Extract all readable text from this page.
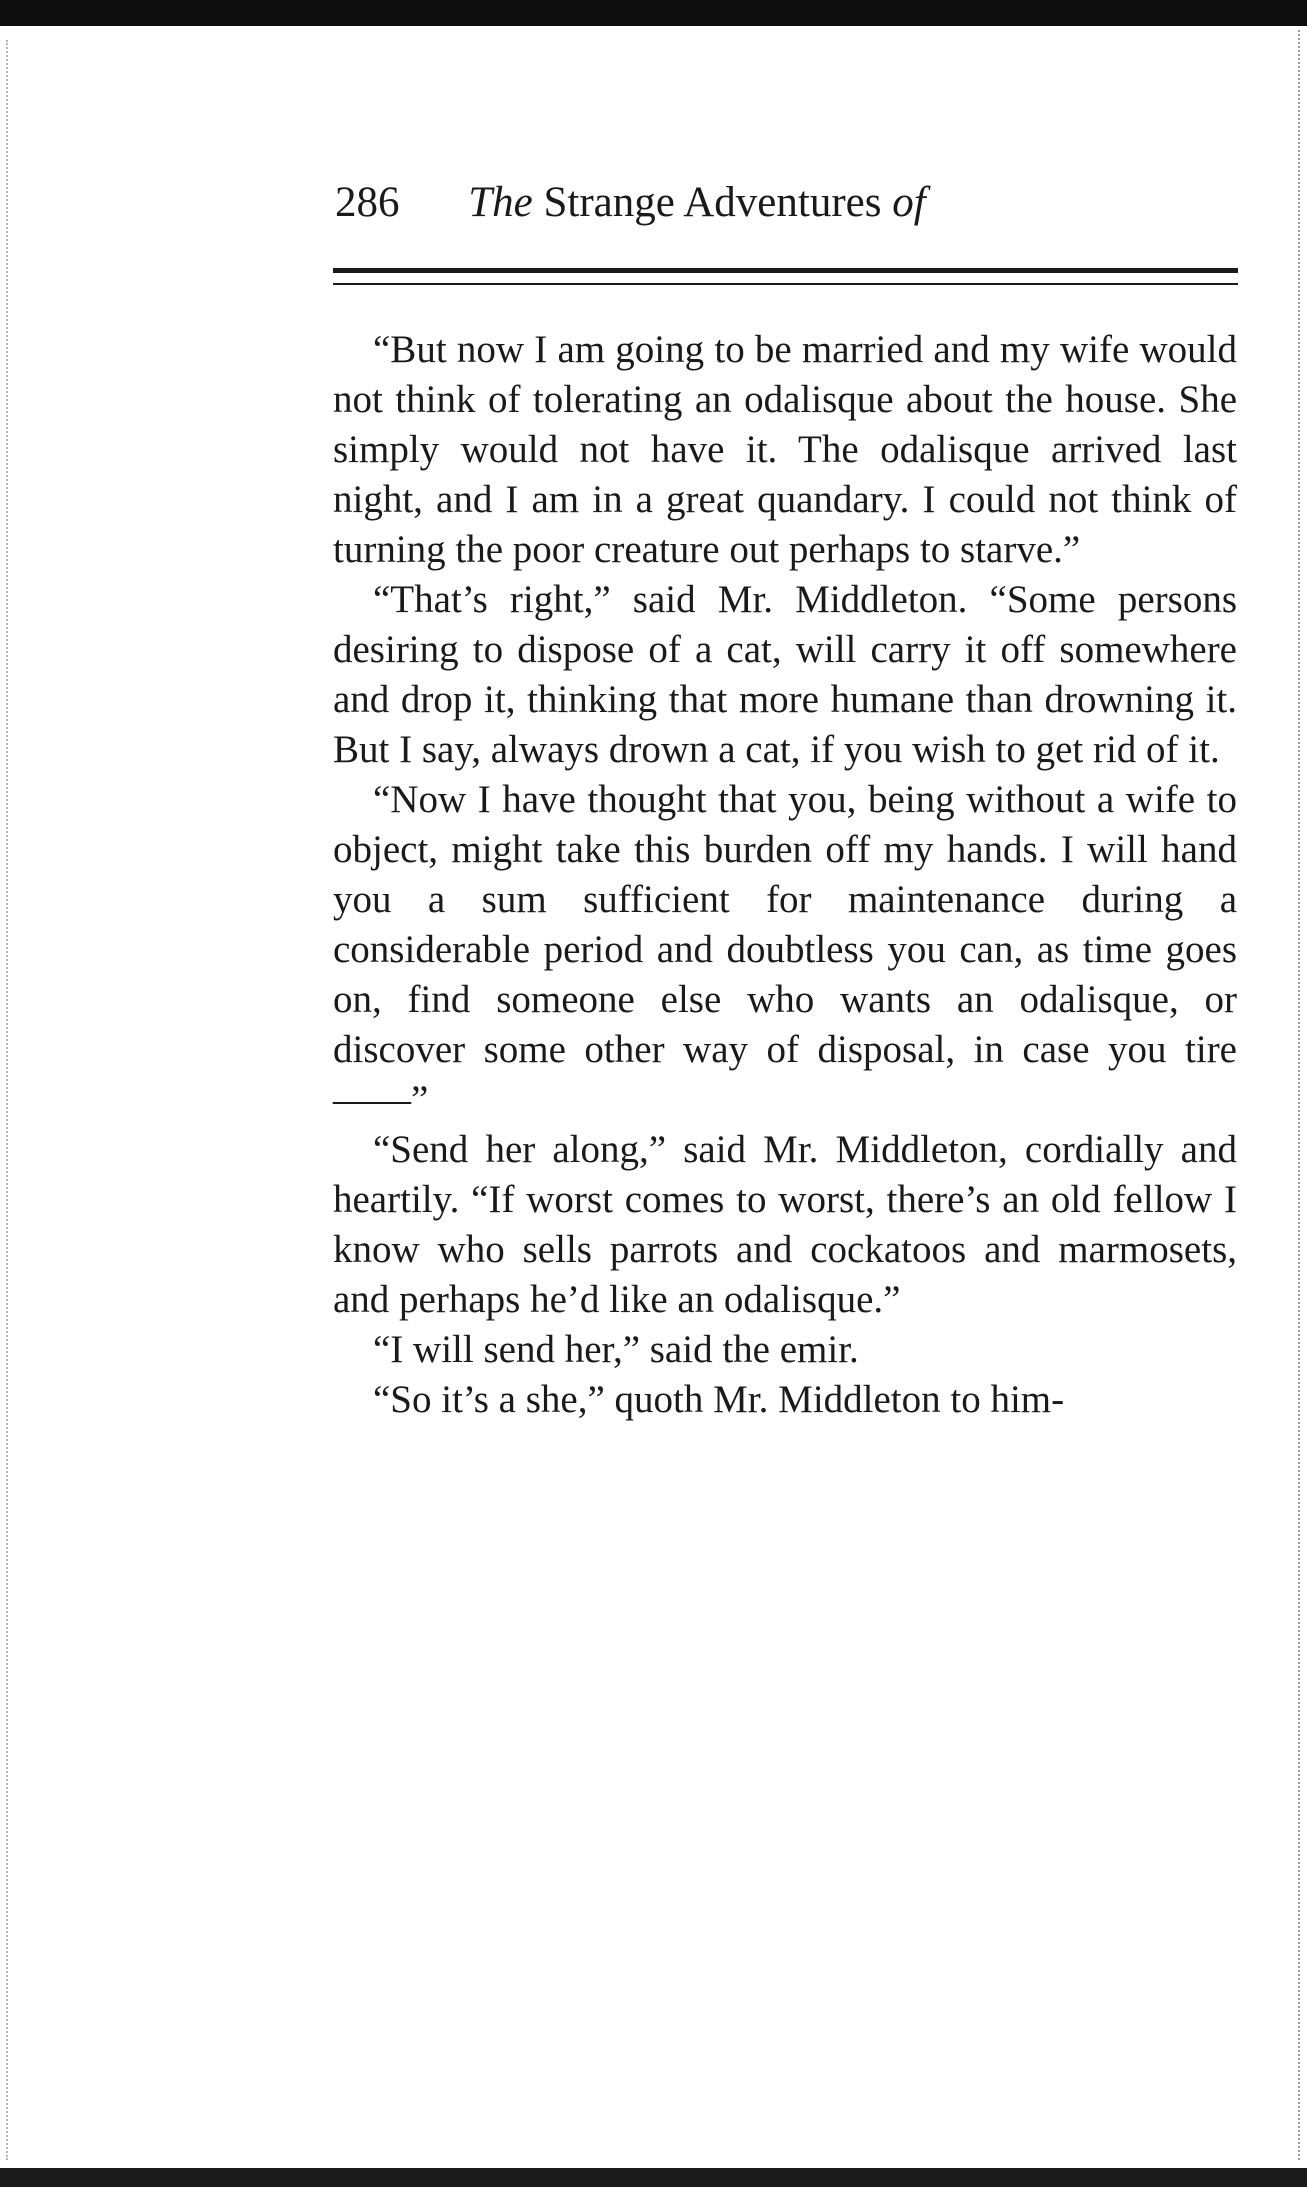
286 The Strange Adventures of

“But now I am going to be married and my wife would not think of tolerating an odalisque about the house. She simply would not have it. The odalisque arrived last night, and I am in a great quandary. I could not think of turning the poor creature out perhaps to starve.”

“That’s right,” said Mr. Middleton. “Some persons desiring to dispose of a cat, will carry it off somewhere and drop it, thinking that more humane than drowning it. But I say, always drown a cat, if you wish to get rid of it.

“Now I have thought that you, being without a wife to object, might take this burden off my hands. I will hand you a sum sufficient for maintenance during a considerable period and doubtless you can, as time goes on, find someone else who wants an odalisque, or discover some other way of disposal, in case you tire——”

“Send her along,” said Mr. Middleton, cordially and heartily. “If worst comes to worst, there’s an old fellow I know who sells parrots and cockatoos and marmosets, and perhaps he’d like an odalisque.”

“I will send her,” said the emir.

“So it’s a she,” quoth Mr. Middleton to him-
